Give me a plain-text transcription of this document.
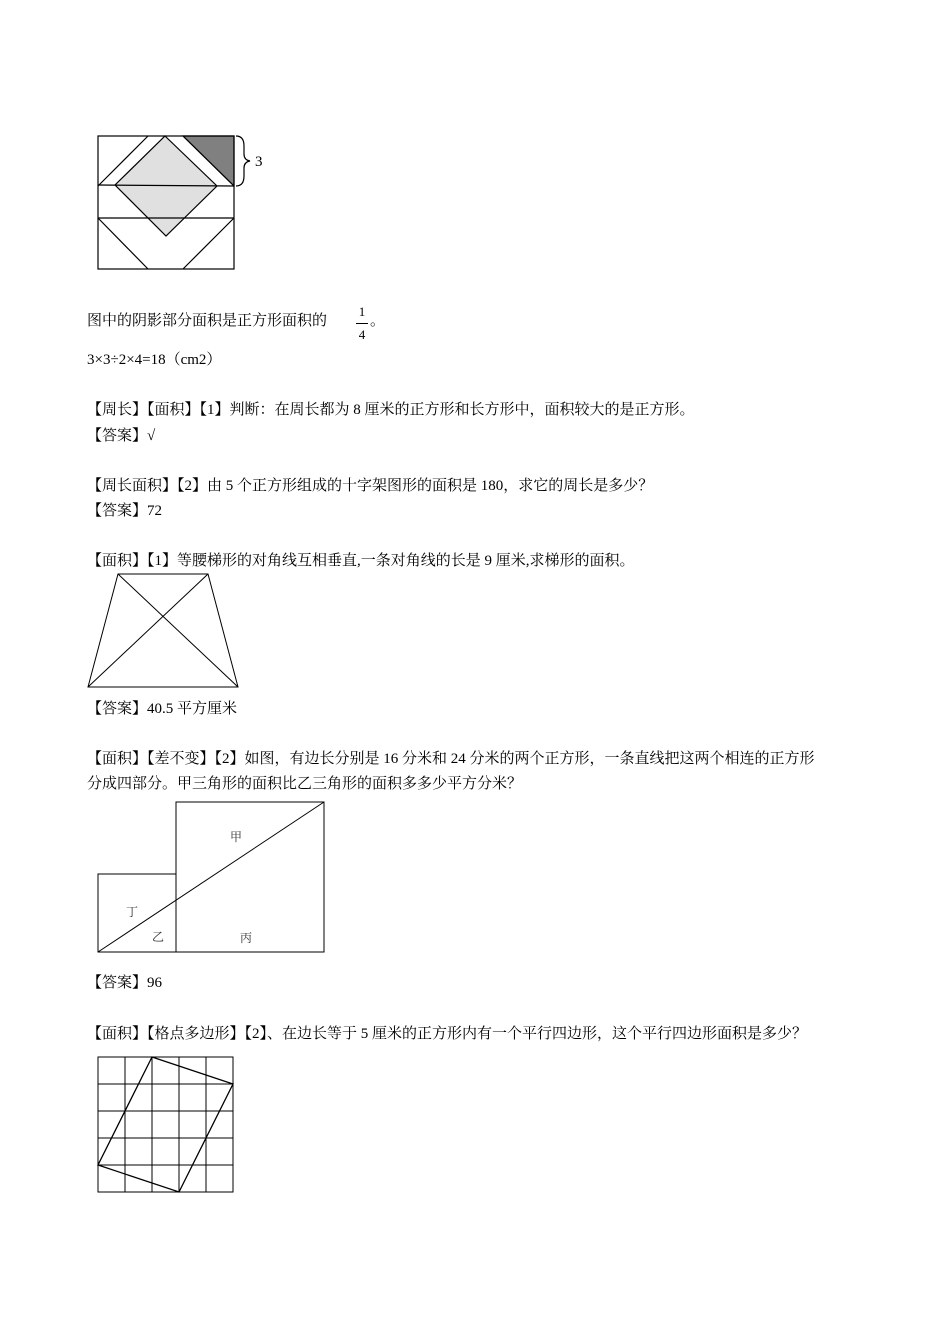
3
图中的阴影部分面积是正方形面积的
1
4
。
3×3÷2×4=18（cm2）
【周长】【面积】【1】判断：在周长都为 8 厘米的正方形和长方形中，面积较大的是正方形。
【答案】√
【周长面积】【2】由 5 个正方形组成的十字架图形的面积是 180，求它的周长是多少？
【答案】72
【面积】【1】等腰梯形的对角线互相垂直,一条对角线的长是 9 厘米,求梯形的面积。
【答案】40.5 平方厘米
【面积】【差不变】【2】如图，有边长分别是 16 分米和 24 分米的两个正方形，一条直线把这两个相连的正方形
分成四部分。甲三角形的面积比乙三角形的面积多多少平方分米？
甲
丁
乙	丙
【答案】96
【面积】【格点多边形】【2】、在边长等于 5 厘米的正方形内有一个平行四边形，这个平行四边形面积是多少？
